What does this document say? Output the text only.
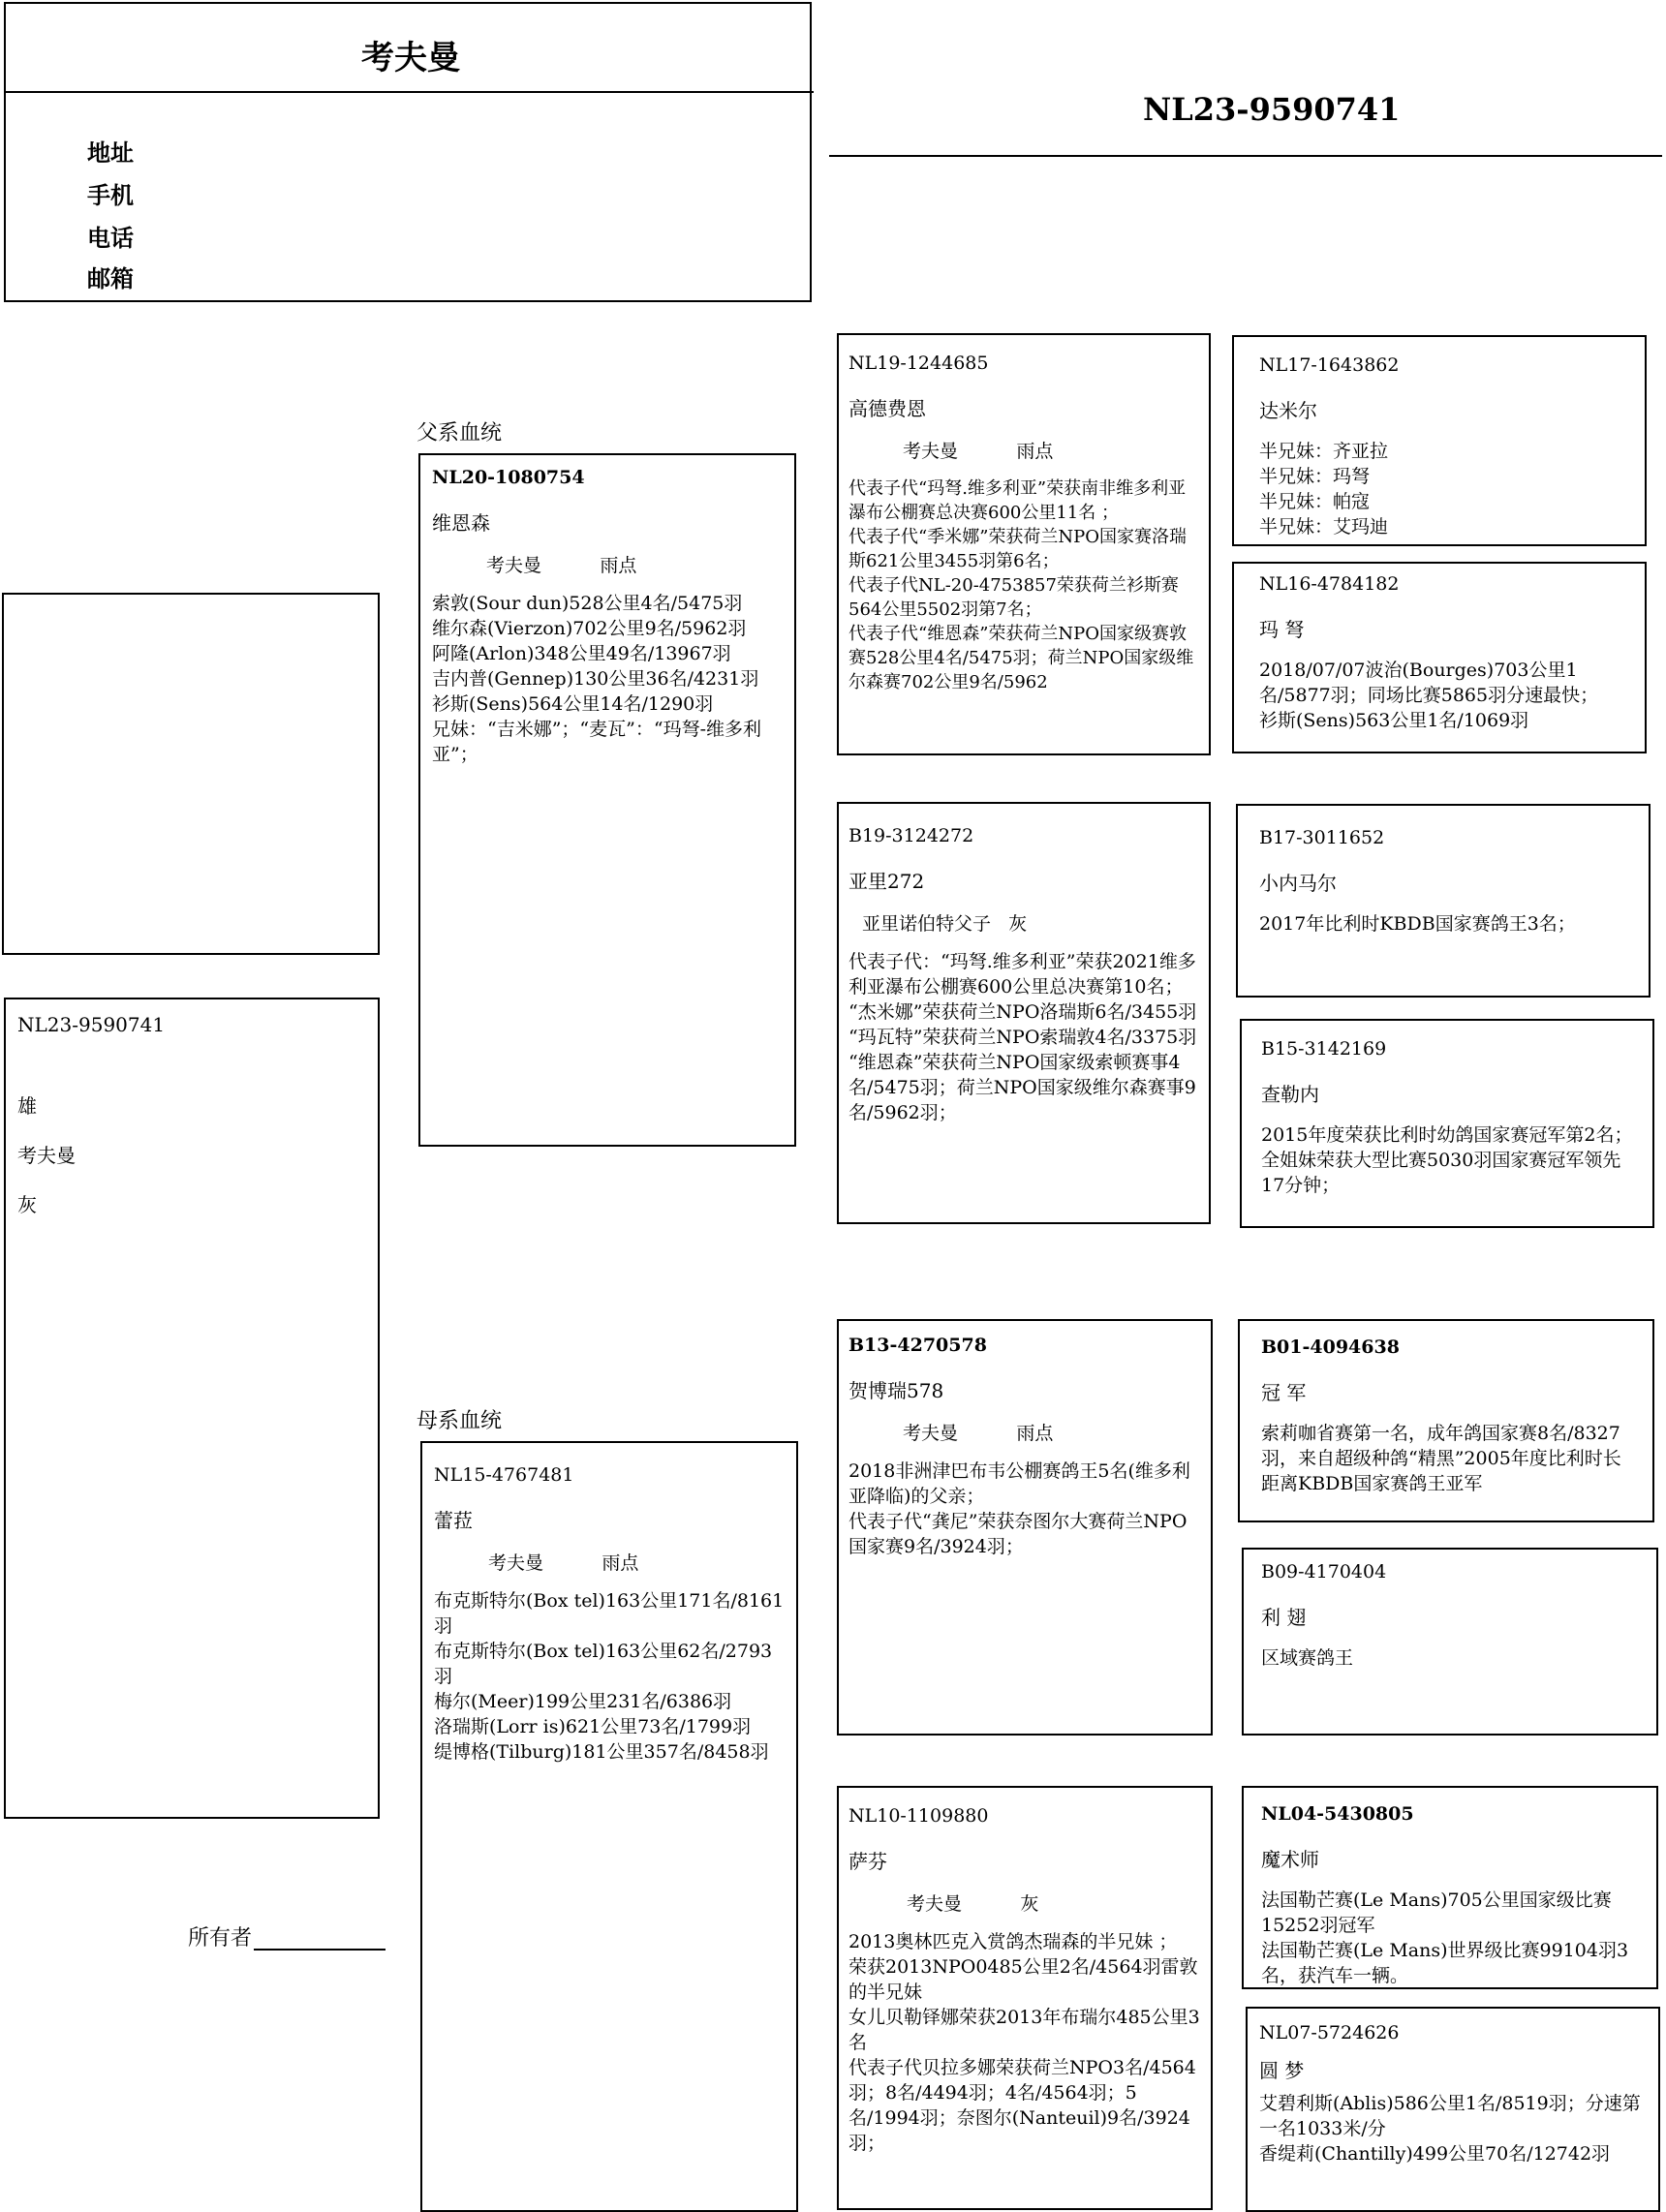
考夫曼
地址
手机
电话
邮箱
NL23-9590741
NL23-9590741
雄
考夫曼
灰
所有者
父系血统
母系血统
NL20-1080754
维恩森
考夫曼          雨点
索敦(Sour dun)528公里4名/5475羽
维尔森(Vierzon)702公里9名/5962羽
阿隆(Arlon)348公里49名/13967羽
吉内普(Gennep)130公里36名/4231羽
衫斯(Sens)564公里14名/1290羽
兄妹：“吉米娜”；“麦瓦”：“玛弩-维多利亚”；
NL19-1244685
高德费恩
考夫曼          雨点
代表子代“玛弩.维多利亚”荣获南非维多利亚瀑布公棚赛总决赛600公里11名 ；
代表子代“季米娜”荣获荷兰NPO国家赛洛瑞斯621公里3455羽第6名；
代表子代NL-20-4753857荣获荷兰衫斯赛564公里5502羽第7名；
代表子代“维恩森”荣获荷兰NPO国家级赛敦赛528公里4名/5475羽；荷兰NPO国家级维尔森赛702公里9名/5962
B19-3124272
亚里272
亚里诺伯特父子   灰
代表子代：“玛弩.维多利亚”荣获2021维多利亚瀑布公棚赛600公里总决赛第10名；
“杰米娜”荣获荷兰NPO洛瑞斯6名/3455羽
“玛瓦特”荣获荷兰NPO索瑞敦4名/3375羽
“维恩森”荣获荷兰NPO国家级索顿赛事4名/5475羽；荷兰NPO国家级维尔森赛事9名/5962羽；
NL17-1643862
达米尔
半兄妹：齐亚拉
半兄妹：玛弩
半兄妹：帕寇
半兄妹：艾玛迪
NL16-4784182
玛 弩
2018/07/07波治(Bourges)703公里1名/5877羽；同场比赛5865羽分速最快；
衫斯(Sens)563公里1名/1069羽
B17-3011652
小内马尔
2017年比利时KBDB国家赛鸽王3名；
B15-3142169
查勒内
2015年度荣获比利时幼鸽国家赛冠军第2名；全姐妹荣获大型比赛5030羽国家赛冠军领先17分钟；
NL15-4767481
蕾菈
考夫曼          雨点
布克斯特尔(Box tel)163公里171名/8161羽
布克斯特尔(Box tel)163公里62名/2793羽
梅尔(Meer)199公里231名/6386羽
洛瑞斯(Lorr is)621公里73名/1799羽
缇博格(Tilburg)181公里357名/8458羽
B13-4270578
贺博瑞578
考夫曼          雨点
2018非洲津巴布韦公棚赛鸽王5名(维多利亚降临)的父亲；
代表子代“龚尼”荣获奈图尔大赛荷兰NPO国家赛9名/3924羽；
NL10-1109880
萨芬
考夫曼          灰
2013奥林匹克入赏鸽杰瑞森的半兄妹 ；
荣获2013NPO0485公里2名/4564羽雷敦的半兄妹
女儿贝勒铎娜荣获2013年布瑞尔485公里3名
代表子代贝拉多娜荣获荷兰NPO3名/4564羽；8名/4494羽；4名/4564羽；5名/1994羽；奈图尔(Nanteuil)9名/3924羽；
B01-4094638
冠 军
索莉咖省赛第一名，成年鸽国家赛8名/8327羽，来自超级种鸽“精黑”2005年度比利时长距离KBDB国家赛鸽王亚军
B09-4170404
利 翅
区域赛鸽王
NL04-5430805
魔术师
法国勒芒赛(Le Mans)705公里国家级比赛15252羽冠军
法国勒芒赛(Le Mans)世界级比赛99104羽3名，获汽车一辆。
NL07-5724626
圆 梦
艾碧利斯(Ablis)586公里1名/8519羽；分速第一名1033米/分
香缇莉(Chantilly)499公里70名/12742羽
